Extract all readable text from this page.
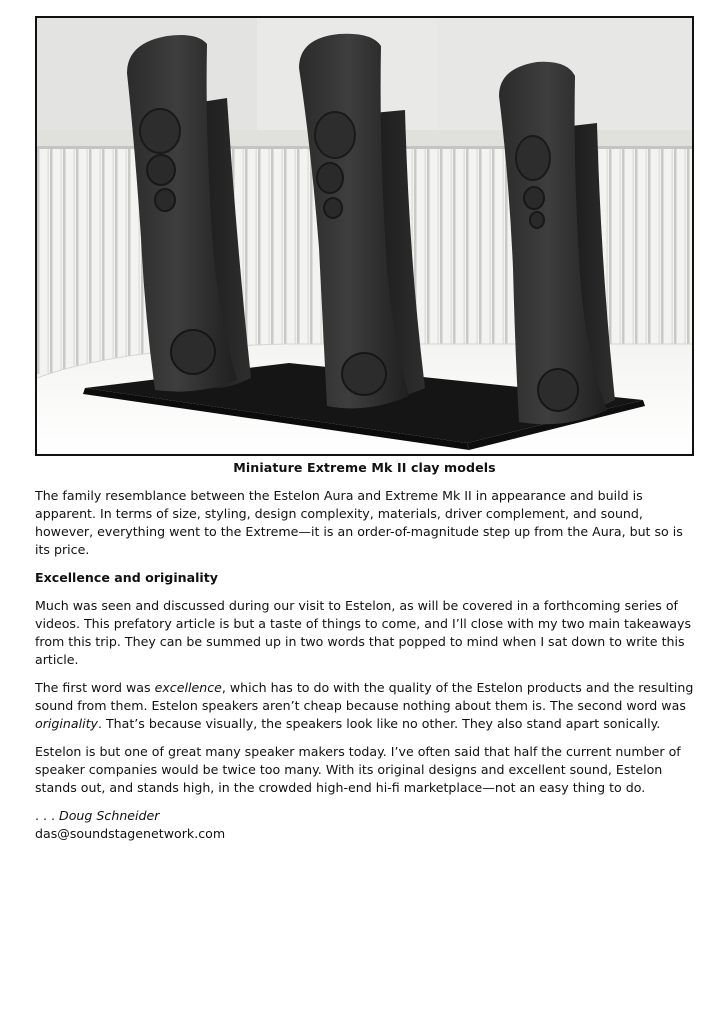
Miniature Extreme Mk II clay models

The family resemblance between the Estelon Aura and Extreme Mk II in appearance and build is apparent. In terms of size, styling, design complexity, materials, driver complement, and sound, however, everything went to the Extreme—it is an order-of-magnitude step up from the Aura, but so is its price.

Excellence and originality

Much was seen and discussed during our visit to Estelon, as will be covered in a forthcoming series of videos. This prefatory article is but a taste of things to come, and I’ll close with my two main takeaways from this trip. They can be summed up in two words that popped to mind when I sat down to write this article.

The first word was excellence, which has to do with the quality of the Estelon products and the resulting sound from them. Estelon speakers aren’t cheap because nothing about them is. The second word was originality. That’s because visually, the speakers look like no other. They also stand apart sonically.

Estelon is but one of great many speaker makers today. I’ve often said that half the current number of speaker companies would be twice too many. With its original designs and excellent sound, Estelon stands out, and stands high, in the crowded high-end hi-fi marketplace—not an easy thing to do.

. . . Doug Schneider
das@soundstagenetwork.com
